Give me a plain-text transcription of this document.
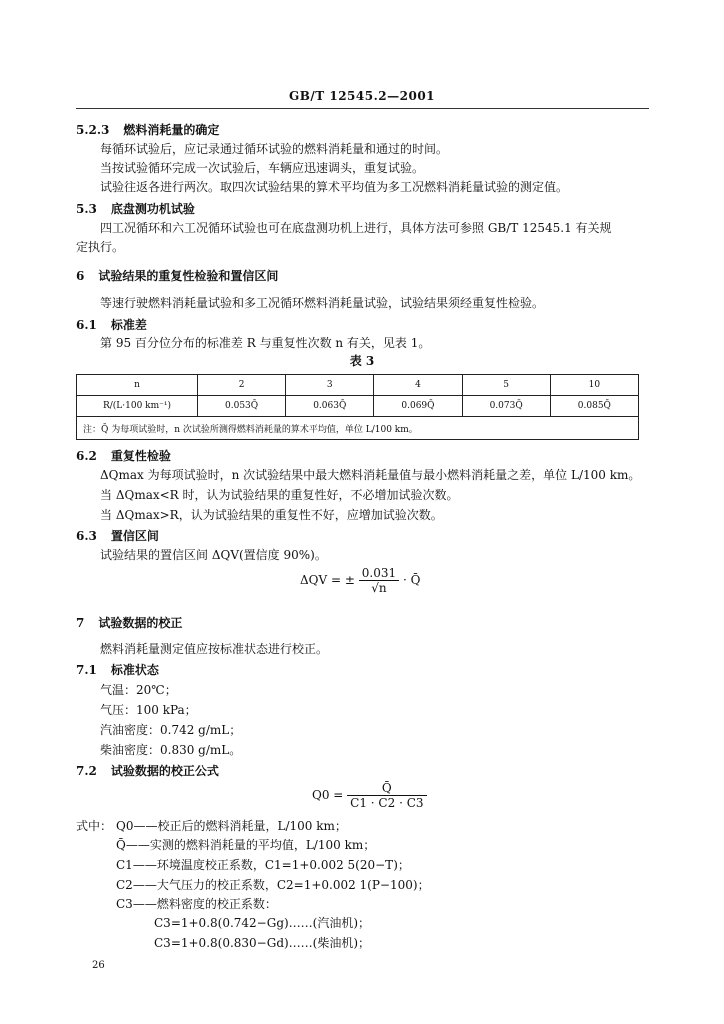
GB/T 12545.2—2001
5.2.3 燃料消耗量的确定
每循环试验后，应记录通过循环试验的燃料消耗量和通过的时间。
当按试验循环完成一次试验后，车辆应迅速调头，重复试验。
试验往返各进行两次。取四次试验结果的算术平均值为多工况燃料消耗量试验的测定值。
5.3 底盘测功机试验
四工况循环和六工况循环试验也可在底盘测功机上进行，具体方法可参照 GB/T 12545.1 有关规
定执行。
6 试验结果的重复性检验和置信区间
等速行驶燃料消耗量试验和多工况循环燃料消耗量试验，试验结果须经重复性检验。
6.1 标准差
第 95 百分位分布的标准差 R 与重复性次数 n 有关，见表 1。
表 3
n	2	3	4	5	10
R/(L·100 km⁻¹)	0.053Q̄	0.063Q̄	0.069Q̄	0.073Q̄	0.085Q̄
注：Q̄ 为每项试验时，n 次试验所测得燃料消耗量的算术平均值，单位 L/100 km。					
6.2 重复性检验
ΔQmax 为每项试验时，n 次试验结果中最大燃料消耗量值与最小燃料消耗量之差，单位 L/100 km。
当 ΔQmax<R 时，认为试验结果的重复性好，不必增加试验次数。
当 ΔQmax>R，认为试验结果的重复性不好，应增加试验次数。
6.3 置信区间
试验结果的置信区间 ΔQV(置信度 90%)。
ΔQV = ± $\frac{0.031}{√n}$ · Q̄
7 试验数据的校正
燃料消耗量测定值应按标准状态进行校正。
7.1 标准状态
气温：20℃；
气压：100 kPa；
汽油密度：0.742 g/mL；
柴油密度：0.830 g/mL。
7.2 试验数据的校正公式
$Q0 = \frac{Q̄}{C1 \cdot C2 \cdot C3}$
式中： Q0——校正后的燃料消耗量，L/100 km；
Q̄——实测的燃料消耗量的平均值，L/100 km；
C1——环境温度校正系数，C1=1+0.002 5(20−T)；
C2——大气压力的校正系数，C2=1+0.002 1(P−100)；
C3——燃料密度的校正系数：
C3=1+0.8(0.742−Gg)……(汽油机)；
C3=1+0.8(0.830−Gd)……(柴油机)；
26
